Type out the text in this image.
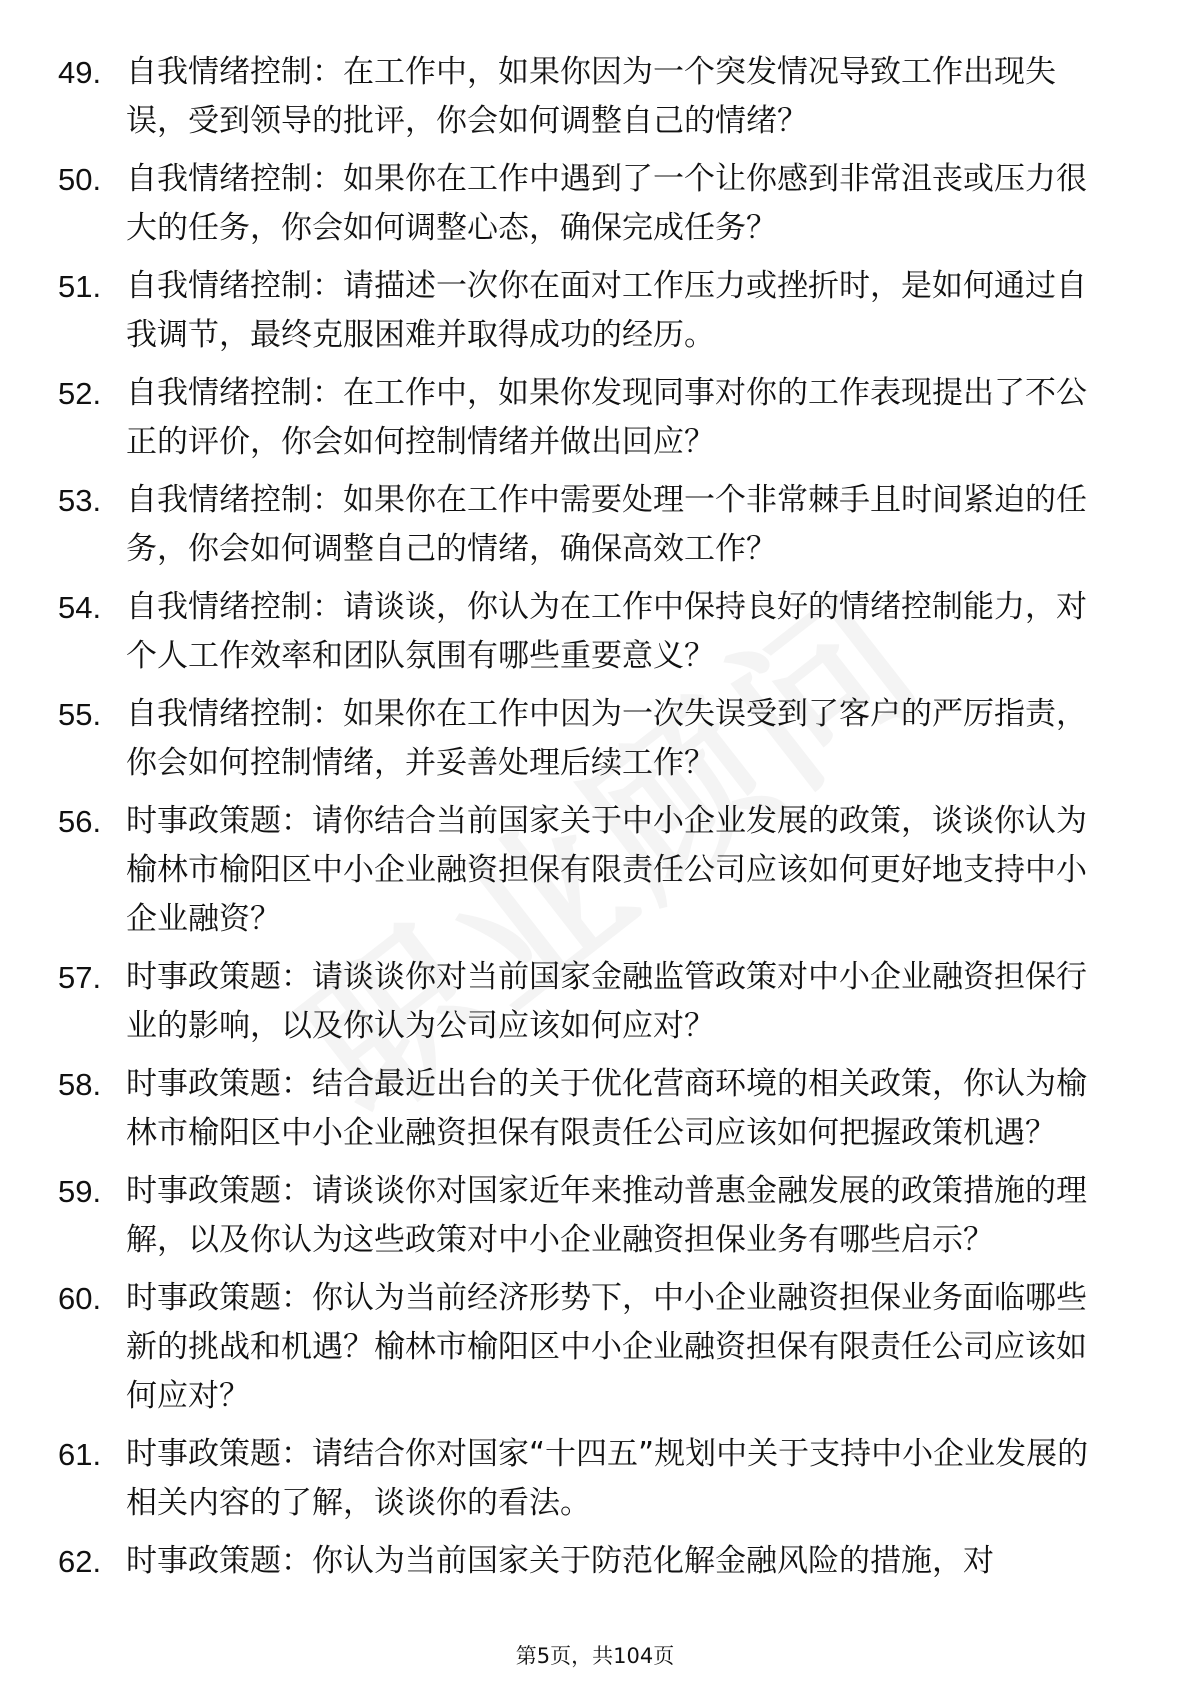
49. 自我情绪控制：在工作中，如果你因为一个突发情况导致工作出现失误，受到领导的批评，你会如何调整自己的情绪？
50. 自我情绪控制：如果你在工作中遇到了一个让你感到非常沮丧或压力很大的任务，你会如何调整心态，确保完成任务？
51. 自我情绪控制：请描述一次你在面对工作压力或挫折时，是如何通过自我调节，最终克服困难并取得成功的经历。
52. 自我情绪控制：在工作中，如果你发现同事对你的工作表现提出了不公正的评价，你会如何控制情绪并做出回应？
53. 自我情绪控制：如果你在工作中需要处理一个非常棘手且时间紧迫的任务，你会如何调整自己的情绪，确保高效工作？
54. 自我情绪控制：请谈谈，你认为在工作中保持良好的情绪控制能力，对个人工作效率和团队氛围有哪些重要意义？
55. 自我情绪控制：如果你在工作中因为一次失误受到了客户的严厉指责，你会如何控制情绪，并妥善处理后续工作？
56. 时事政策题：请你结合当前国家关于中小企业发展的政策，谈谈你认为榆林市榆阳区中小企业融资担保有限责任公司应该如何更好地支持中小企业融资？
57. 时事政策题：请谈谈你对当前国家金融监管政策对中小企业融资担保行业的影响，以及你认为公司应该如何应对？
58. 时事政策题：结合最近出台的关于优化营商环境的相关政策，你认为榆林市榆阳区中小企业融资担保有限责任公司应该如何把握政策机遇？
59. 时事政策题：请谈谈你对国家近年来推动普惠金融发展的政策措施的理解，以及你认为这些政策对中小企业融资担保业务有哪些启示？
60. 时事政策题：你认为当前经济形势下，中小企业融资担保业务面临哪些新的挑战和机遇？榆林市榆阳区中小企业融资担保有限责任公司应该如何应对？
61. 时事政策题：请结合你对国家“十四五”规划中关于支持中小企业发展的相关内容的了解，谈谈你的看法。
62. 时事政策题：你认为当前国家关于防范化解金融风险的措施，对
第5页，共104页
